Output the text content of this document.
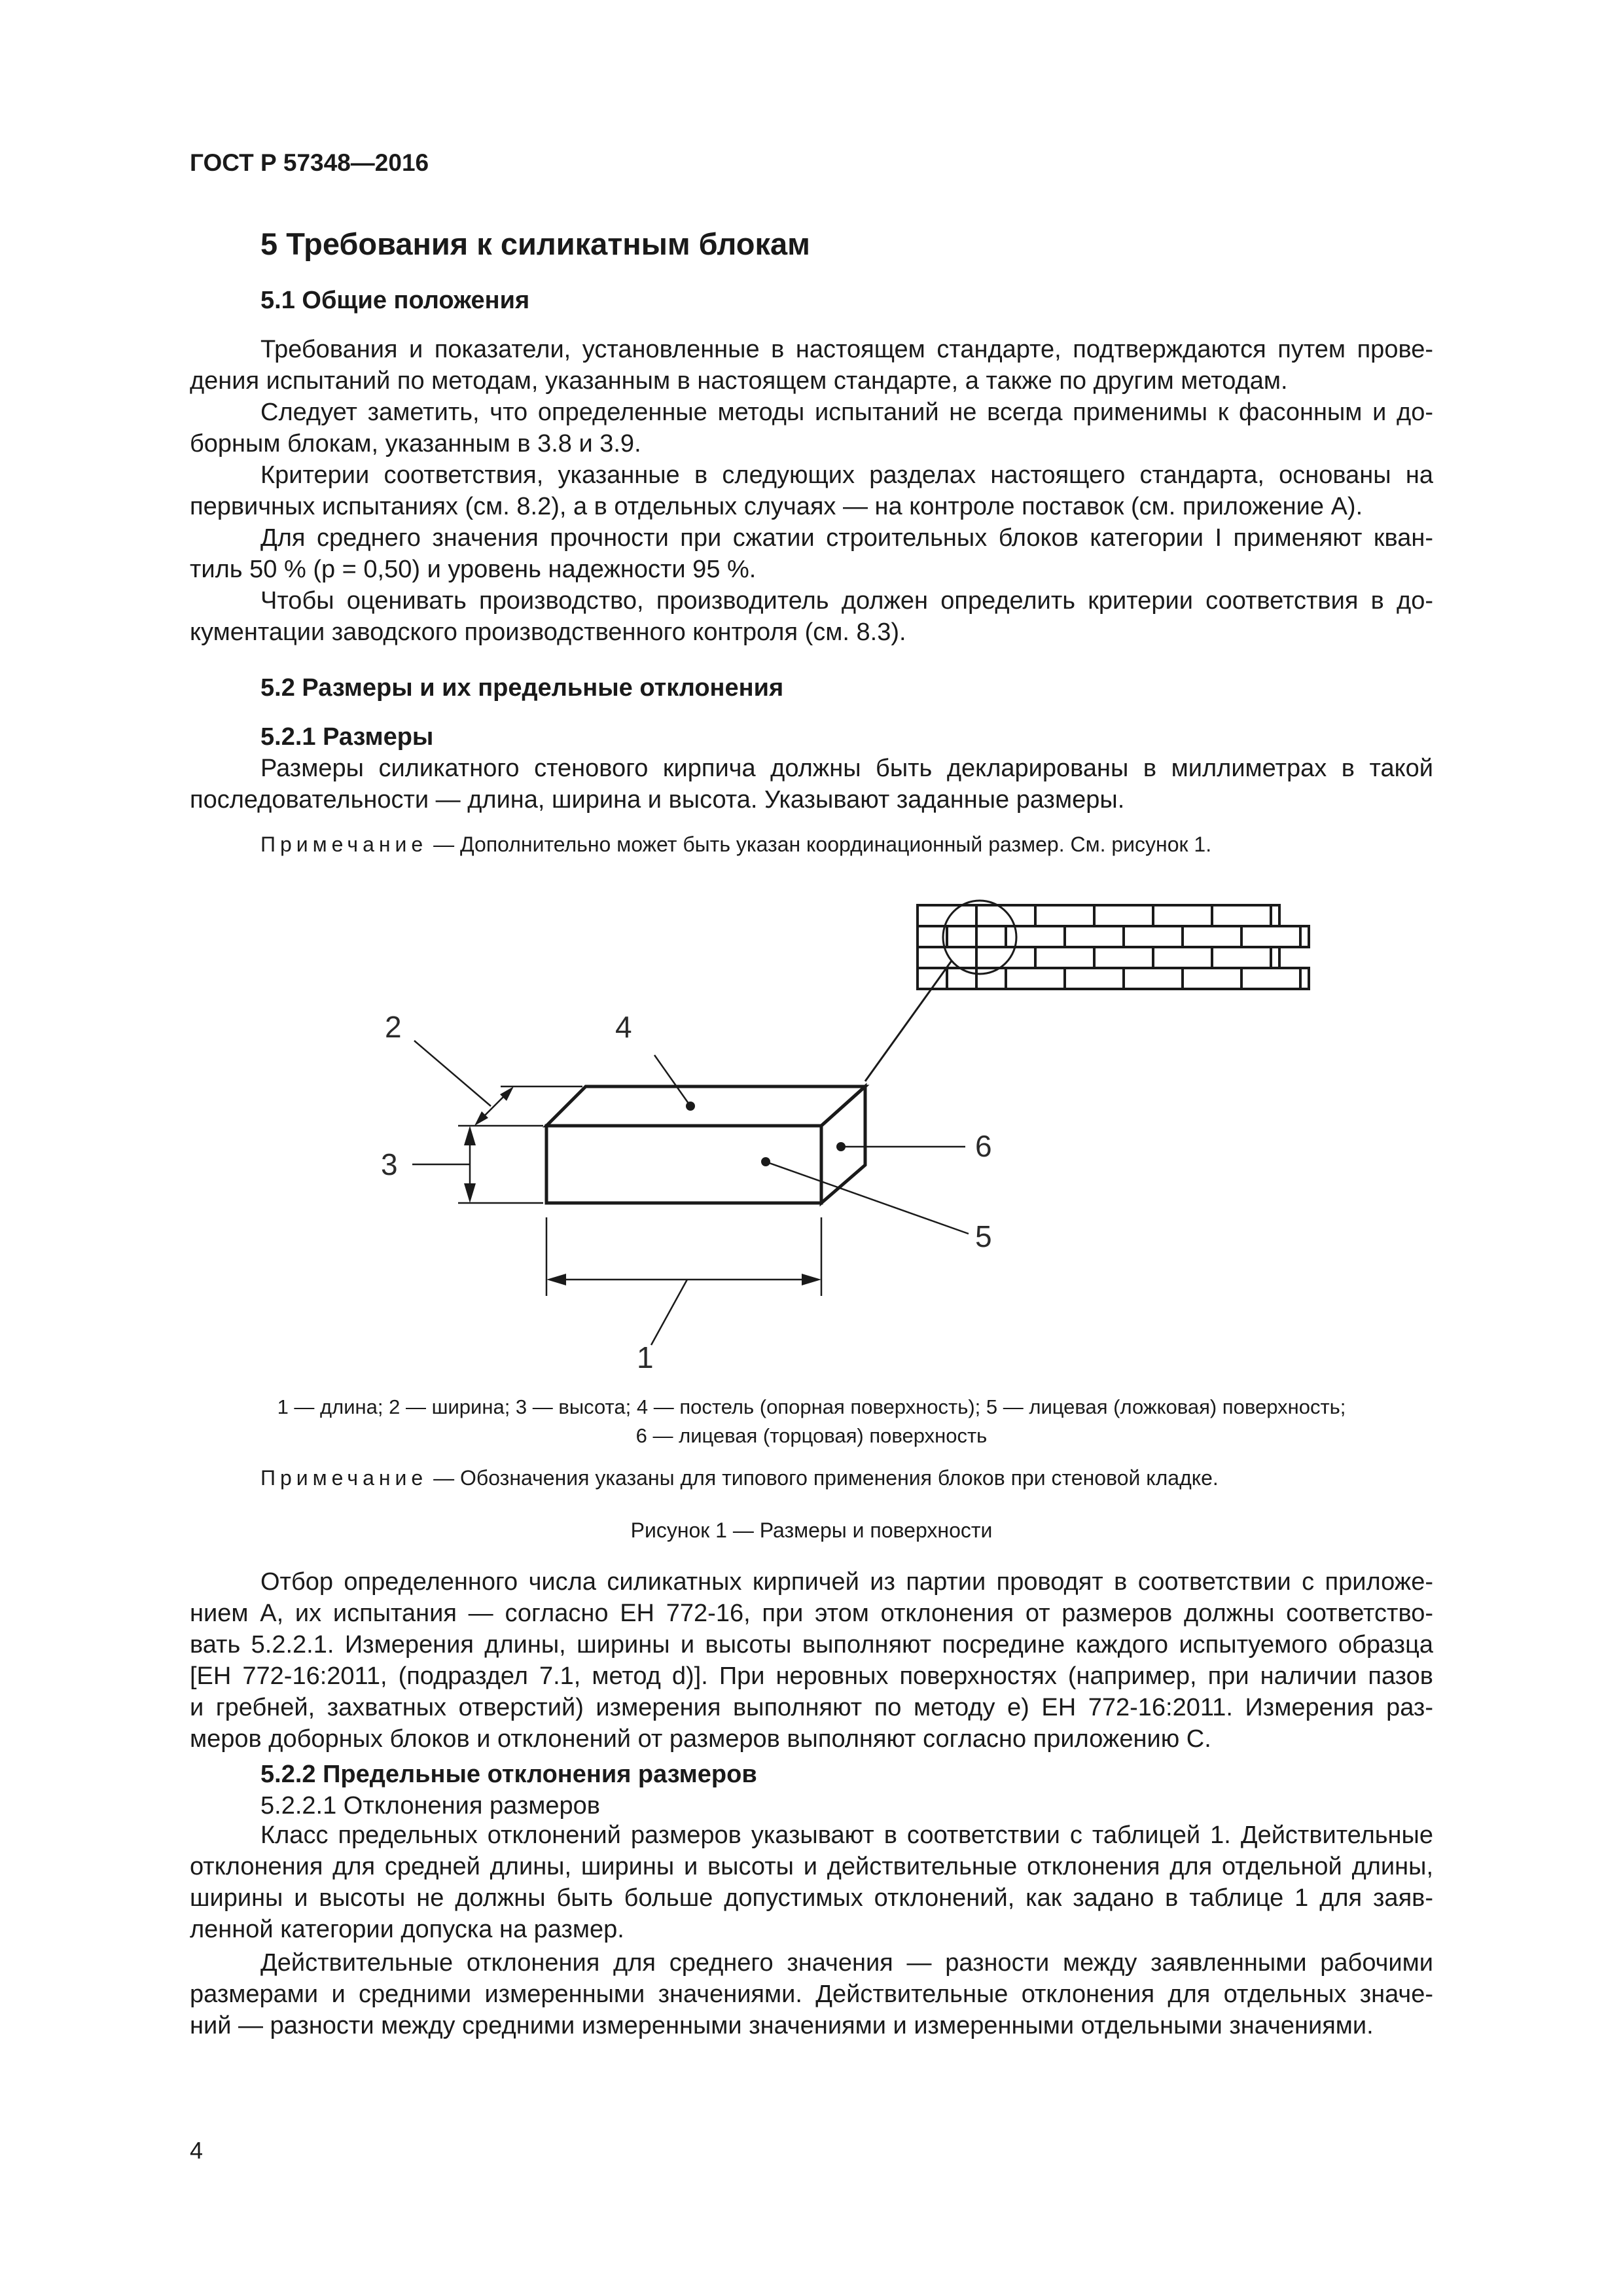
ГОСТ Р 57348—2016
5 Требования к силикатным блокам
5.1 Общие положения
Требования и показатели, установленные в настоящем стандарте, подтверждаются путем прове-
дения испытаний по методам, указанным в настоящем стандарте, а также по другим методам.
Следует заметить, что определенные методы испытаний не всегда применимы к фасонным и до-
борным блокам, указанным в 3.8 и 3.9.
Критерии соответствия, указанные в следующих разделах настоящего стандарта, основаны на
первичных испытаниях (см. 8.2), а в отдельных случаях — на контроле поставок (см. приложение А).
Для среднего значения прочности при сжатии строительных блоков категории I применяют кван-
тиль 50 % (р = 0,50) и уровень надежности 95 %.
Чтобы оценивать производство, производитель должен определить критерии соответствия в до-
кументации заводского производственного контроля (см. 8.3).
5.2 Размеры и их предельные отклонения
5.2.1 Размеры
Размеры силикатного стенового кирпича должны быть декларированы в миллиметрах в такой
последовательности — длина, ширина и высота. Указывают заданные размеры.
Примечание — Дополнительно может быть указан координационный размер. См. рисунок 1.
1
2
3
4
5
6
1 — длина; 2 — ширина; 3 — высота; 4 — постель (опорная поверхность); 5 — лицевая (ложковая) поверхность;
6 — лицевая (торцовая) поверхность
Примечание — Обозначения указаны для типового применения блоков при стеновой кладке.
Рисунок 1 — Размеры и поверхности
Отбор определенного числа силикатных кирпичей из партии проводят в соответствии с приложе-
нием А, их испытания — согласно ЕН 772-16, при этом отклонения от размеров должны соответство-
вать 5.2.2.1. Измерения длины, ширины и высоты выполняют посредине каждого испытуемого образца
[ЕН 772-16:2011, (подраздел 7.1, метод d)]. При неровных поверхностях (например, при наличии пазов
и гребней, захватных отверстий) измерения выполняют по методу е) ЕН 772-16:2011. Измерения раз-
меров доборных блоков и отклонений от размеров выполняют согласно приложению С.
5.2.2 Предельные отклонения размеров
5.2.2.1 Отклонения размеров
Класс предельных отклонений размеров указывают в соответствии с таблицей 1. Действительные
отклонения для средней длины, ширины и высоты и действительные отклонения для отдельной длины,
ширины и высоты не должны быть больше допустимых отклонений, как задано в таблице 1 для заяв-
ленной категории допуска на размер.
Действительные отклонения для среднего значения — разности между заявленными рабочими
размерами и средними измеренными значениями. Действительные отклонения для отдельных значе-
ний — разности между средними измеренными значениями и измеренными отдельными значениями.
4
